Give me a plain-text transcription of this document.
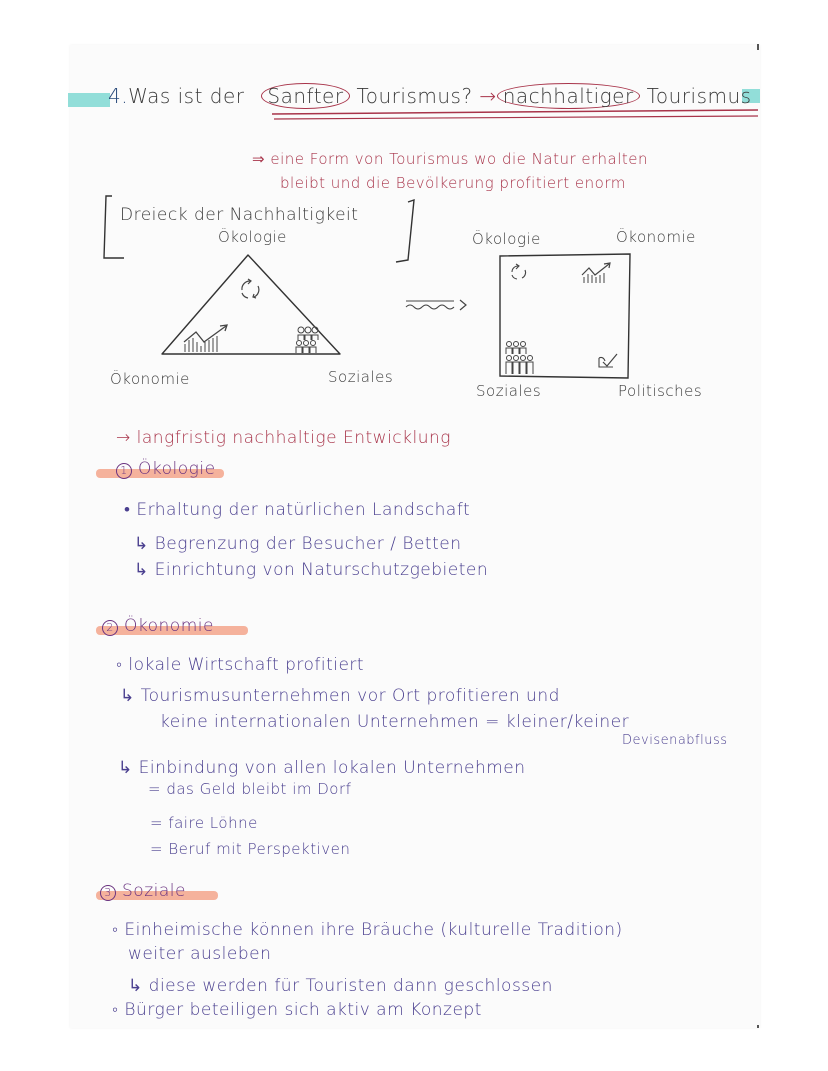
4.Was ist der Sanfter Tourismus? → nachhaltiger Tourismus
⇒ eine Form von Tourismus wo die Natur erhalten
bleibt und die Bevölkerung profitiert enorm
Dreieck der Nachhaltigkeit
Ökologie
Ökonomie	Soziales
Ökologie	Ökonomie
Soziales	Politisches
→ langfristig nachhaltige Entwicklung
1 Ökologie
• Erhaltung der natürlichen Landschaft
↳ Begrenzung der Besucher / Betten
↳ Einrichtung von Naturschutzgebieten
2 Ökonomie
◦ lokale Wirtschaft profitiert
↳ Tourismusunternehmen vor Ort profitieren und
keine internationalen Unternehmen = kleiner/keiner
Devisenabfluss
↳ Einbindung von allen lokalen Unternehmen
= das Geld bleibt im Dorf
= faire Löhne
= Beruf mit Perspektiven
3 Soziale
◦ Einheimische können ihre Bräuche (kulturelle Tradition)
weiter ausleben
↳ diese werden für Touristen dann geschlossen
◦ Bürger beteiligen sich aktiv am Konzept
